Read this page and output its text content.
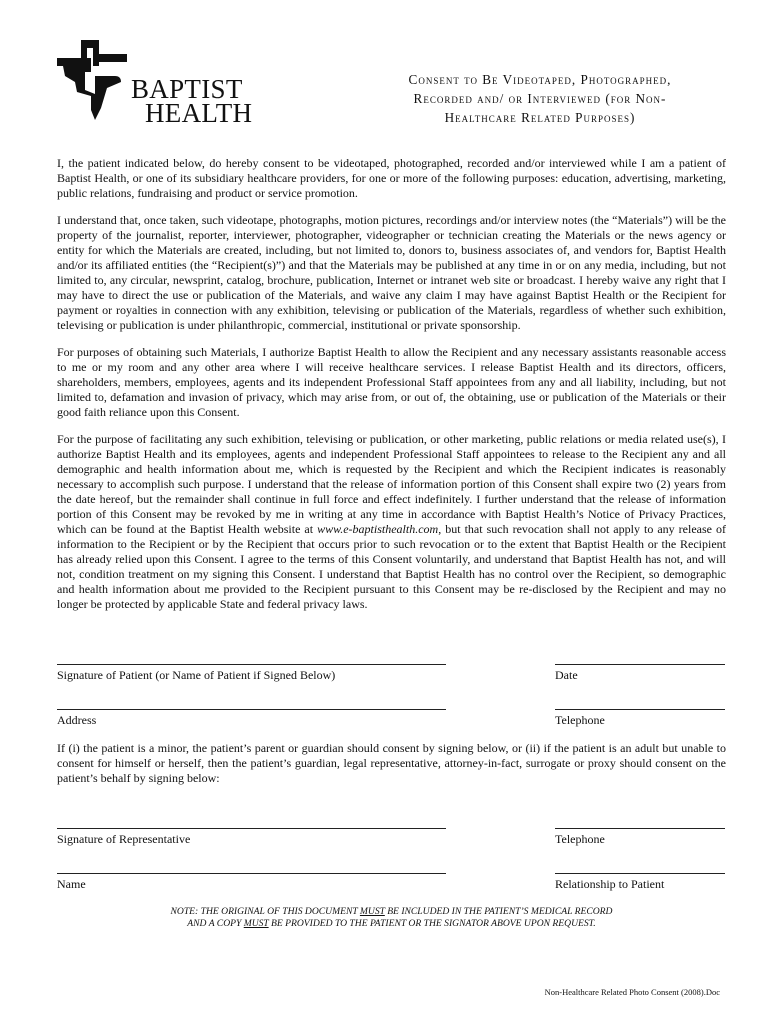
BAPTIST
HEALTH
Consent to Be Videotaped, Photographed,
Recorded and/ or Interviewed (for Non-
Healthcare Related Purposes)

I, the patient indicated below, do hereby consent to be videotaped, photographed, recorded and/or interviewed while I am a patient of Baptist Health, or one of its subsidiary healthcare providers, for one or more of the following purposes: education, advertising, marketing, public relations, fundraising and product or service promotion.

I understand that, once taken, such videotape, photographs, motion pictures, recordings and/or interview notes (the “Materials”) will be the property of the journalist, reporter, interviewer, photographer, videographer or technician creating the Materials or the news agency or entity for which the Materials are created, including, but not limited to, donors to, business associates of, and vendors for, Baptist Health and/or its affiliated entities (the “Recipient(s)”) and that the Materials may be published at any time in or on any media, including, but not limited to, any circular, newsprint, catalog, brochure, publication, Internet or intranet web site or broadcast. I hereby waive any right that I may have to direct the use or publication of the Materials, and waive any claim I may have against Baptist Health or the Recipient for payment or royalties in connection with any exhibition, televising or publication of the Materials, regardless of whether such exhibition, televising or publication is under philanthropic, commercial, institutional or private sponsorship.

For purposes of obtaining such Materials, I authorize Baptist Health to allow the Recipient and any necessary assistants reasonable access to me or my room and any other area where I will receive healthcare services. I release Baptist Health and its directors, officers, shareholders, members, employees, agents and its independent Professional Staff appointees from any and all liability, including, but not limited to, defamation and invasion of privacy, which may arise from, or out of, the obtaining, use or publication of the Materials or their good faith reliance upon this Consent.

For the purpose of facilitating any such exhibition, televising or publication, or other marketing, public relations or media related use(s), I authorize Baptist Health and its employees, agents and independent Professional Staff appointees to release to the Recipient any and all demographic and health information about me, which is requested by the Recipient and which the Recipient indicates is reasonably necessary to accomplish such purpose. I understand that the release of information portion of this Consent shall expire two (2) years from the date hereof, but the remainder shall continue in full force and effect indefinitely. I further understand that the release of information portion of this Consent may be revoked by me in writing at any time in accordance with Baptist Health’s Notice of Privacy Practices, which can be found at the Baptist Health website at www.e-baptisthealth.com, but that such revocation shall not apply to any release of information to the Recipient or by the Recipient that occurs prior to such revocation or to the extent that Baptist Health or the Recipient has already relied upon this Consent. I agree to the terms of this Consent voluntarily, and understand that Baptist Health has not, and will not, condition treatment on my signing this Consent. I understand that Baptist Health has no control over the Recipient, so demographic and health information about me provided to the Recipient pursuant to this Consent may be re-disclosed by the Recipient and may no longer be protected by applicable State and federal privacy laws.

Signature of Patient (or Name of Patient if Signed Below)	Date
Address	Telephone

If (i) the patient is a minor, the patient’s parent or guardian should consent by signing below, or (ii) if the patient is an adult but unable to consent for himself or herself, then the patient’s guardian, legal representative, attorney-in-fact, surrogate or proxy should consent on the patient’s behalf by signing below:

Signature of Representative	Telephone
Name	Relationship to Patient
NOTE: THE ORIGINAL OF THIS DOCUMENT MUST BE INCLUDED IN THE PATIENT’S MEDICAL RECORD
AND A COPY MUST BE PROVIDED TO THE PATIENT OR THE SIGNATOR ABOVE UPON REQUEST.
Non-Healthcare Related Photo Consent (2008).Doc
